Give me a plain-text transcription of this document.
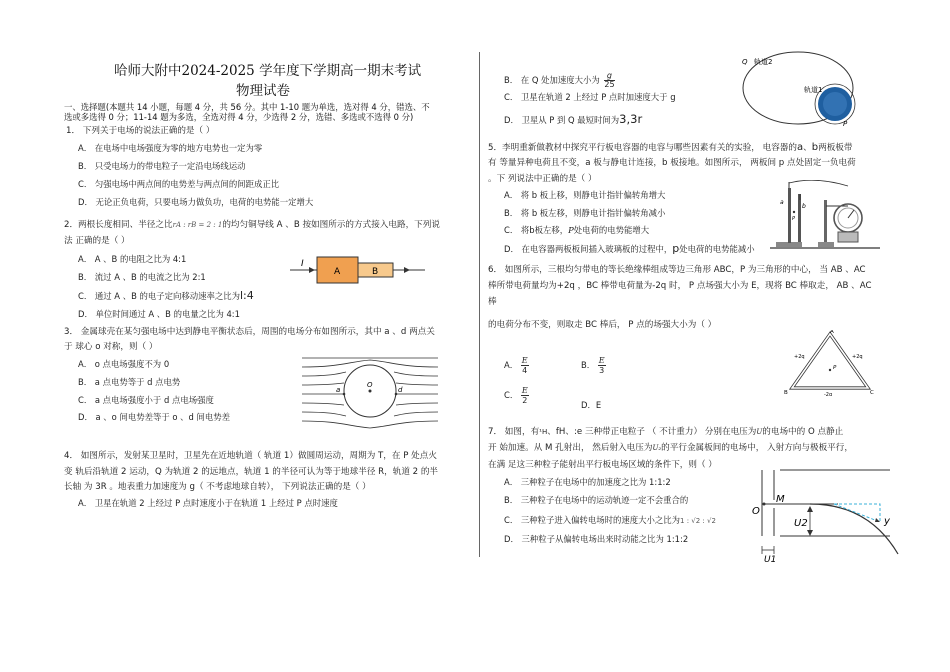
哈师大附中2024-2025 学年度下学期高一期末考试
物理试卷
一、选择题(本题共 14 小题，每题 4 分，共 56 分。其中 1-10 题为单选，选对得 4 分，错选、不
选或多选得 0 分；11-14 题为多选，全选对得 4 分，少选得 2 分，选错、多选或不选得 0 分)
1． 下列关于电场的说法正确的是（ ）
A． 在电场中电场强度为零的地方电势也一定为零
B． 只受电场力的带电粒子一定沿电场线运动
C． 匀强电场中两点间的电势差与两点间的间距成正比
D． 无论正负电荷，只要电场力做负功，电荷的电势能一定增大
2．两根长度相同、半径之比rA : rB = 2 : 1的均匀铜导线 A 、B 按如图所示的方式接入电路，下列说
法 正确的是（ ）
A． A 、B 的电阻之比为 4:1
B． 流过 A 、B 的电流之比为 2:1
C． 通过 A 、B 的电子定向移动速率之比为l:4
D． 单位时间通过 A 、B 的电量之比为 4:1
I
A	B
3． 金属球壳在某匀强电场中达到静电平衡状态后，周围的电场分布如图所示，其中 a 、d 两点关
于 球心 o 对称，则（ ）
A． o 点电场强度不为 0
B． a 点电势等于 d 点电势
C． a 点电场强度小于 d 点电场强度
D． a 、o 间电势差等于 o 、d 间电势差
a
O
d
4． 如图所示，发射某卫星时，卫星先在近地轨道（ 轨道 1）做圆周运动，周期为 T，在 P 处点火
变 轨后沿轨道 2 运动，Q 为轨道 2 的远地点，轨道 1 的半径可认为等于地球半径 R，轨道 2 的半
长轴 为 3R 。地表重力加速度为 g（ 不考虑地球自转）， 下列说法正确的是（ ）
A． 卫星在轨道 2 上经过 P 点时速度小于在轨道 1 上经过 P 点时速度
B． 在 Q 处加速度大小为 $\frac{g}{25}$
C． 卫星在轨道 2 上经过 P 点时加速度大于 g
D． 卫星从 P 到 Q 最短时间为3,3r
Q 轨道2
轨道1
P
5．李明重新做教材中探究平行板电容器的电容与哪些因素有关的实验， 电容器的a、b两板板带
有 等量异种电荷且不变，a 板与静电计连接，b 板接地。如图所示， 两板间 p 点处固定一负电荷
。下 列说法中正确的是（ ）
A． 将 b 板上移，则静电计指针偏转角增大
B． 将 b 板左移，则静电计指针偏转角减小
C． 将b板左移，P处电荷的电势能增大
D． 在电容器两板板间插入玻璃板的过程中，p处电荷的电势能减小
a
b
P
6． 如图所示，三根均匀带电的等长绝缘棒组成等边三角形 ABC，P 为三角形的中心， 当 AB 、AC
棒所带电荷量均为+2q ，BC 棒带电荷量为-2q 时， P 点场强大小为 E，现将 BC 棒取走， AB 、AC
棒
的电荷分布不变，则取走 BC 棒后， P 点的场强大小为（ ）
A． $\frac{E}{4}$	B． $\frac{E}{3}$
C． $\frac{E}{2}$	D．E
A
B	C
P
+2q	+2q
-2q
7． 如图，有¹H、fH、:e 三种带正电粒子 （ 不计重力） 分别在电压为U的电场中的 O 点静止
开 始加速。从 M 孔射出， 然后射入电压为U₂的平行金属板间的电场中， 入射方向与极板平行，
在满 足这三种粒子能射出平行板电场区域的条件下，则（ ）
A． 三种粒子在电场中的加速度之比为 1:1:2
B． 三种粒子在电场中的运动轨迹一定不会重合的
C． 三种粒子进入偏转电场时的速度大小之比为1 : √2 : √2
D． 三种粒子从偏转电场出来时动能之比为 1:1:2
O
M
U2
U1
y
